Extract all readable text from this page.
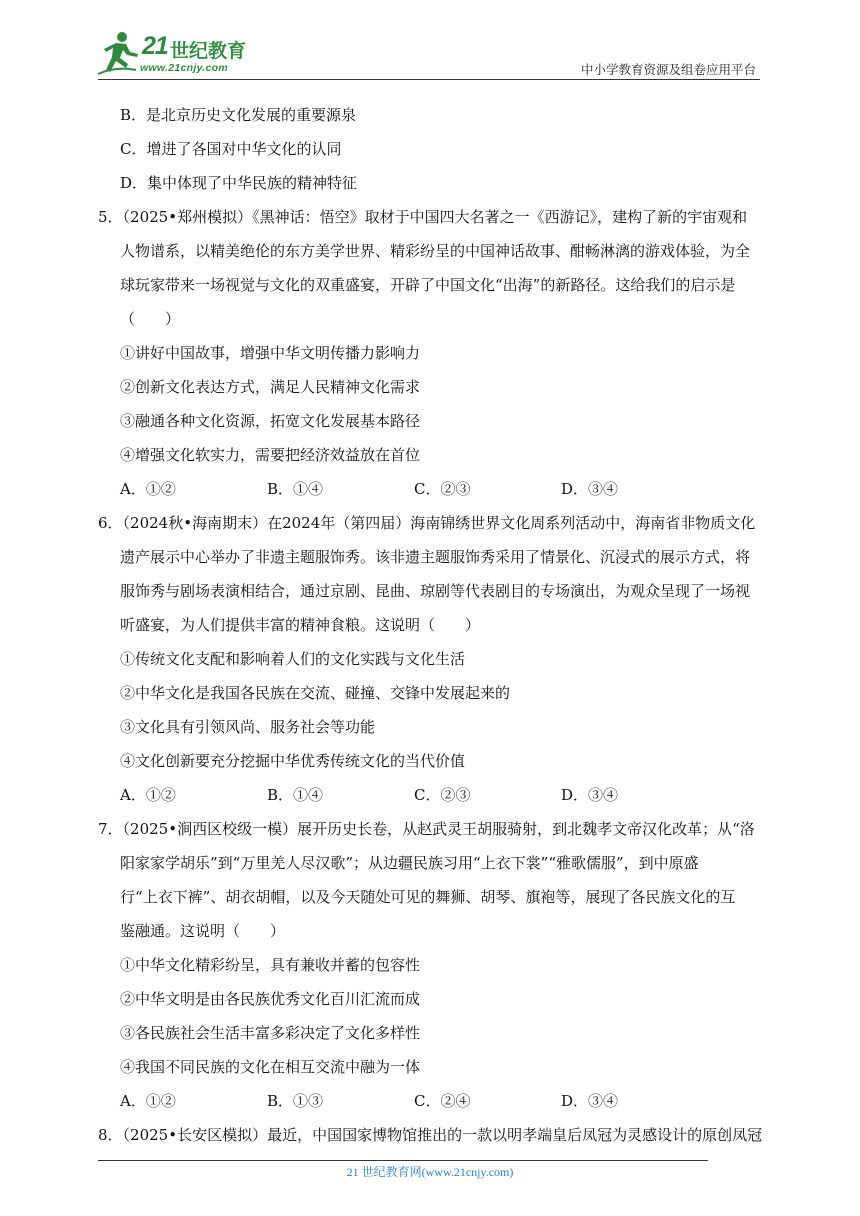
21 世纪教育
www.21cnjy.com	中小学教育资源及组卷应用平台
B．是北京历史文化发展的重要源泉
C．增进了各国对中华文化的认同
D．集中体现了中华民族的精神特征
5．（2025•郑州模拟）《黑神话：悟空》取材于中国四大名著之一《西游记》，建构了新的宇宙观和
人物谱系，以精美绝伦的东方美学世界、精彩纷呈的中国神话故事、酣畅淋漓的游戏体验，为全
球玩家带来一场视觉与文化的双重盛宴，开辟了中国文化“出海”的新路径。这给我们的启示是
（　　）
①讲好中国故事，增强中华文明传播力影响力
②创新文化表达方式，满足人民精神文化需求
③融通各种文化资源，拓宽文化发展基本路径
④增强文化软实力，需要把经济效益放在首位
A．①②	B．①④	C．②③	D．③④
6．（2024秋•海南期末）在2024年（第四届）海南锦绣世界文化周系列活动中，海南省非物质文化
遗产展示中心举办了非遗主题服饰秀。该非遗主题服饰秀采用了情景化、沉浸式的展示方式，将
服饰秀与剧场表演相结合，通过京剧、昆曲、琼剧等代表剧目的专场演出，为观众呈现了一场视
听盛宴，为人们提供丰富的精神食粮。这说明（　　）
①传统文化支配和影响着人们的文化实践与文化生活
②中华文化是我国各民族在交流、碰撞、交锋中发展起来的
③文化具有引领风尚、服务社会等功能
④文化创新要充分挖掘中华优秀传统文化的当代价值
A．①②	B．①④	C．②③	D．③④
7．（2025•涧西区校级一模）展开历史长卷，从赵武灵王胡服骑射，到北魏孝文帝汉化改革；从“洛
阳家家学胡乐”到“万里羌人尽汉歌”；从边疆民族习用“上衣下裳”“雅歌儒服”，到中原盛
行“上衣下裤”、胡衣胡帽，以及今天随处可见的舞狮、胡琴、旗袍等，展现了各民族文化的互
鉴融通。这说明（　　）
①中华文化精彩纷呈，具有兼收并蓄的包容性
②中华文明是由各民族优秀文化百川汇流而成
③各民族社会生活丰富多彩决定了文化多样性
④我国不同民族的文化在相互交流中融为一体
A．①②	B．①③	C．②④	D．③④
8．（2025•长安区模拟）最近，中国国家博物馆推出的一款以明孝端皇后凤冠为灵感设计的原创凤冠
21 世纪教育网(www.21cnjy.com)
